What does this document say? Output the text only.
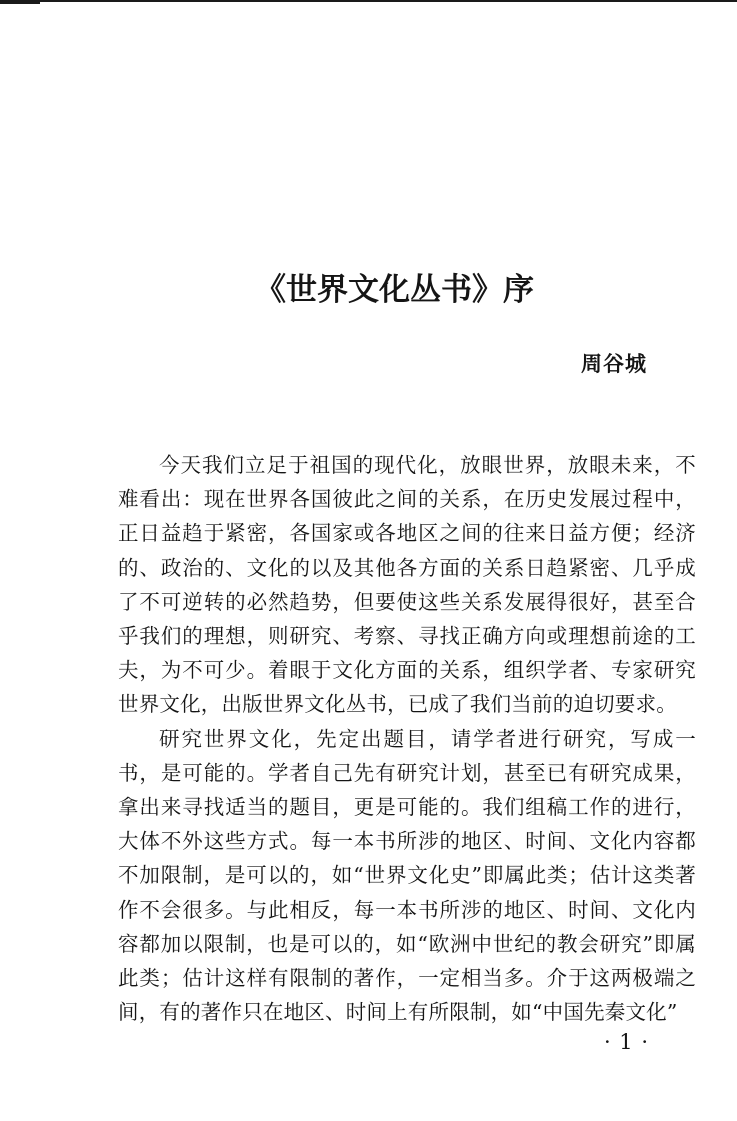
《世界文化丛书》序
周谷城

今天我们立足于祖国的现代化，放眼世界，放眼未来，不难看出：现在世界各国彼此之间的关系，在历史发展过程中，正日益趋于紧密，各国家或各地区之间的往来日益方便；经济的、政治的、文化的以及其他各方面的关系日趋紧密、几乎成了不可逆转的必然趋势，但要使这些关系发展得很好，甚至合乎我们的理想，则研究、考察、寻找正确方向或理想前途的工夫，为不可少。着眼于文化方面的关系，组织学者、专家研究世界文化，出版世界文化丛书，已成了我们当前的迫切要求。

研究世界文化，先定出题目，请学者进行研究，写成一书，是可能的。学者自己先有研究计划，甚至已有研究成果，拿出来寻找适当的题目，更是可能的。我们组稿工作的进行，大体不外这些方式。每一本书所涉的地区、时间、文化内容都不加限制，是可以的，如“世界文化史”即属此类；估计这类著作不会很多。与此相反，每一本书所涉的地区、时间、文化内容都加以限制，也是可以的，如“欧洲中世纪的教会研究”即属此类；估计这样有限制的著作，一定相当多。介于这两极端之间，有的著作只在地区、时间上有所限制，如“中国先秦文化”

· 1 ·
